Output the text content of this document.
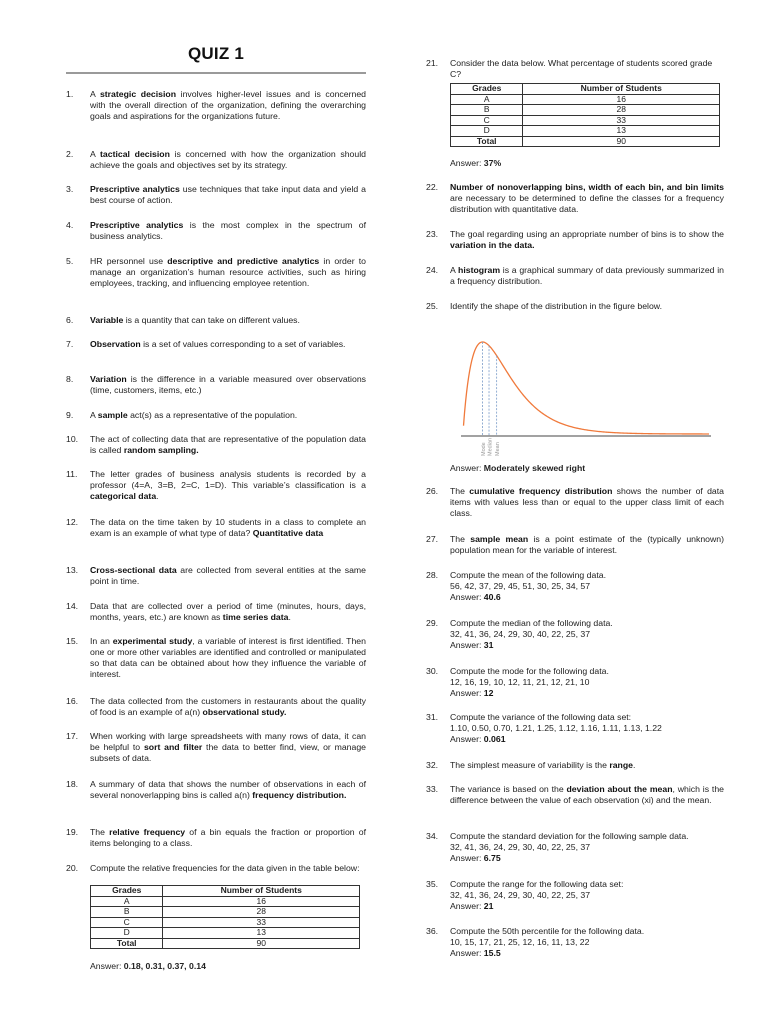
QUIZ 1
1.	A strategic decision involves higher-level issues and is concerned with the overall direction of the organization, defining the overarching goals and aspirations for the organizations future.
2.	A tactical decision is concerned with how the organization should achieve the goals and objectives set by its strategy.
3.	Prescriptive analytics use techniques that take input data and yield a best course of action.
4.	Prescriptive analytics is the most complex in the spectrum of business analytics.
5.	HR personnel use descriptive and predictive analytics in order to manage an organization’s human resource activities, such as hiring employees, tracking, and influencing employee retention.
6.	Variable is a quantity that can take on different values.
7.	Observation is a set of values corresponding to a set of variables.
8.	Variation is the difference in a variable measured over observations (time, customers, items, etc.)
9.	A sample act(s) as a representative of the population.
10.	The act of collecting data that are representative of the population data is called random sampling.
11.	The letter grades of business analysis students is recorded by a professor (4=A, 3=B, 2=C, 1=D). This variable’s classification is a categorical data.
12.	The data on the time taken by 10 students in a class to complete an exam is an example of what type of data? Quantitative data
13.	Cross-sectional data are collected from several entities at the same point in time.
14.	Data that are collected over a period of time (minutes, hours, days, months, years, etc.) are known as time series data.
15.	In an experimental study, a variable of interest is first identified. Then one or more other variables are identified and controlled or manipulated so that data can be obtained about how they influence the variable of interest.
16.	The data collected from the customers in restaurants about the quality of food is an example of a(n) observational study.
17.	When working with large spreadsheets with many rows of data, it can be helpful to sort and filter the data to better find, view, or manage subsets of data.
18.	A summary of data that shows the number of observations in each of several nonoverlapping bins is called a(n) frequency distribution.
19.	The relative frequency of a bin equals the fraction or proportion of items belonging to a class.
20.	Compute the relative frequencies for the data given in the table below:
Grades	Number of Students
A	16
B	28
C	33
D	13
Total	90
Answer: 0.18, 0.31, 0.37, 0.14
21.	Consider the data below. What percentage of students scored grade C?
Grades	Number of Students
A	16
B	28
C	33
D	13
Total	90
Answer: 37%
22.	Number of nonoverlapping bins, width of each bin, and bin limits are necessary to be determined to define the classes for a frequency distribution with quantitative data.
23.	The goal regarding using an appropriate number of bins is to show the variation in the data.
24.	A histogram is a graphical summary of data previously summarized in a frequency distribution.
25.	Identify the shape of the distribution in the figure below.
Answer: Moderately skewed right
26.	The cumulative frequency distribution shows the number of data items with values less than or equal to the upper class limit of each class.
27.	The sample mean is a point estimate of the (typically unknown) population mean for the variable of interest.
28.	Compute the mean of the following data.
56, 42, 37, 29, 45, 51, 30, 25, 34, 57
Answer: 40.6
29.	Compute the median of the following data.
32, 41, 36, 24, 29, 30, 40, 22, 25, 37
Answer: 31
30.	Compute the mode for the following data.
12, 16, 19, 10, 12, 11, 21, 12, 21, 10
Answer: 12
31.	Compute the variance of the following data set:
1.10, 0.50, 0.70, 1.21, 1.25, 1.12, 1.16, 1.11, 1.13, 1.22
Answer: 0.061
32.	The simplest measure of variability is the range.
33.	The variance is based on the deviation about the mean, which is the difference between the value of each observation (xi) and the mean.
34.	Compute the standard deviation for the following sample data.
32, 41, 36, 24, 29, 30, 40, 22, 25, 37
Answer: 6.75
35.	Compute the range for the following data set:
32, 41, 36, 24, 29, 30, 40, 22, 25, 37
Answer: 21
36.	Compute the 50th percentile for the following data.
10, 15, 17, 21, 25, 12, 16, 11, 13, 22
Answer: 15.5
Mode Median Mean
